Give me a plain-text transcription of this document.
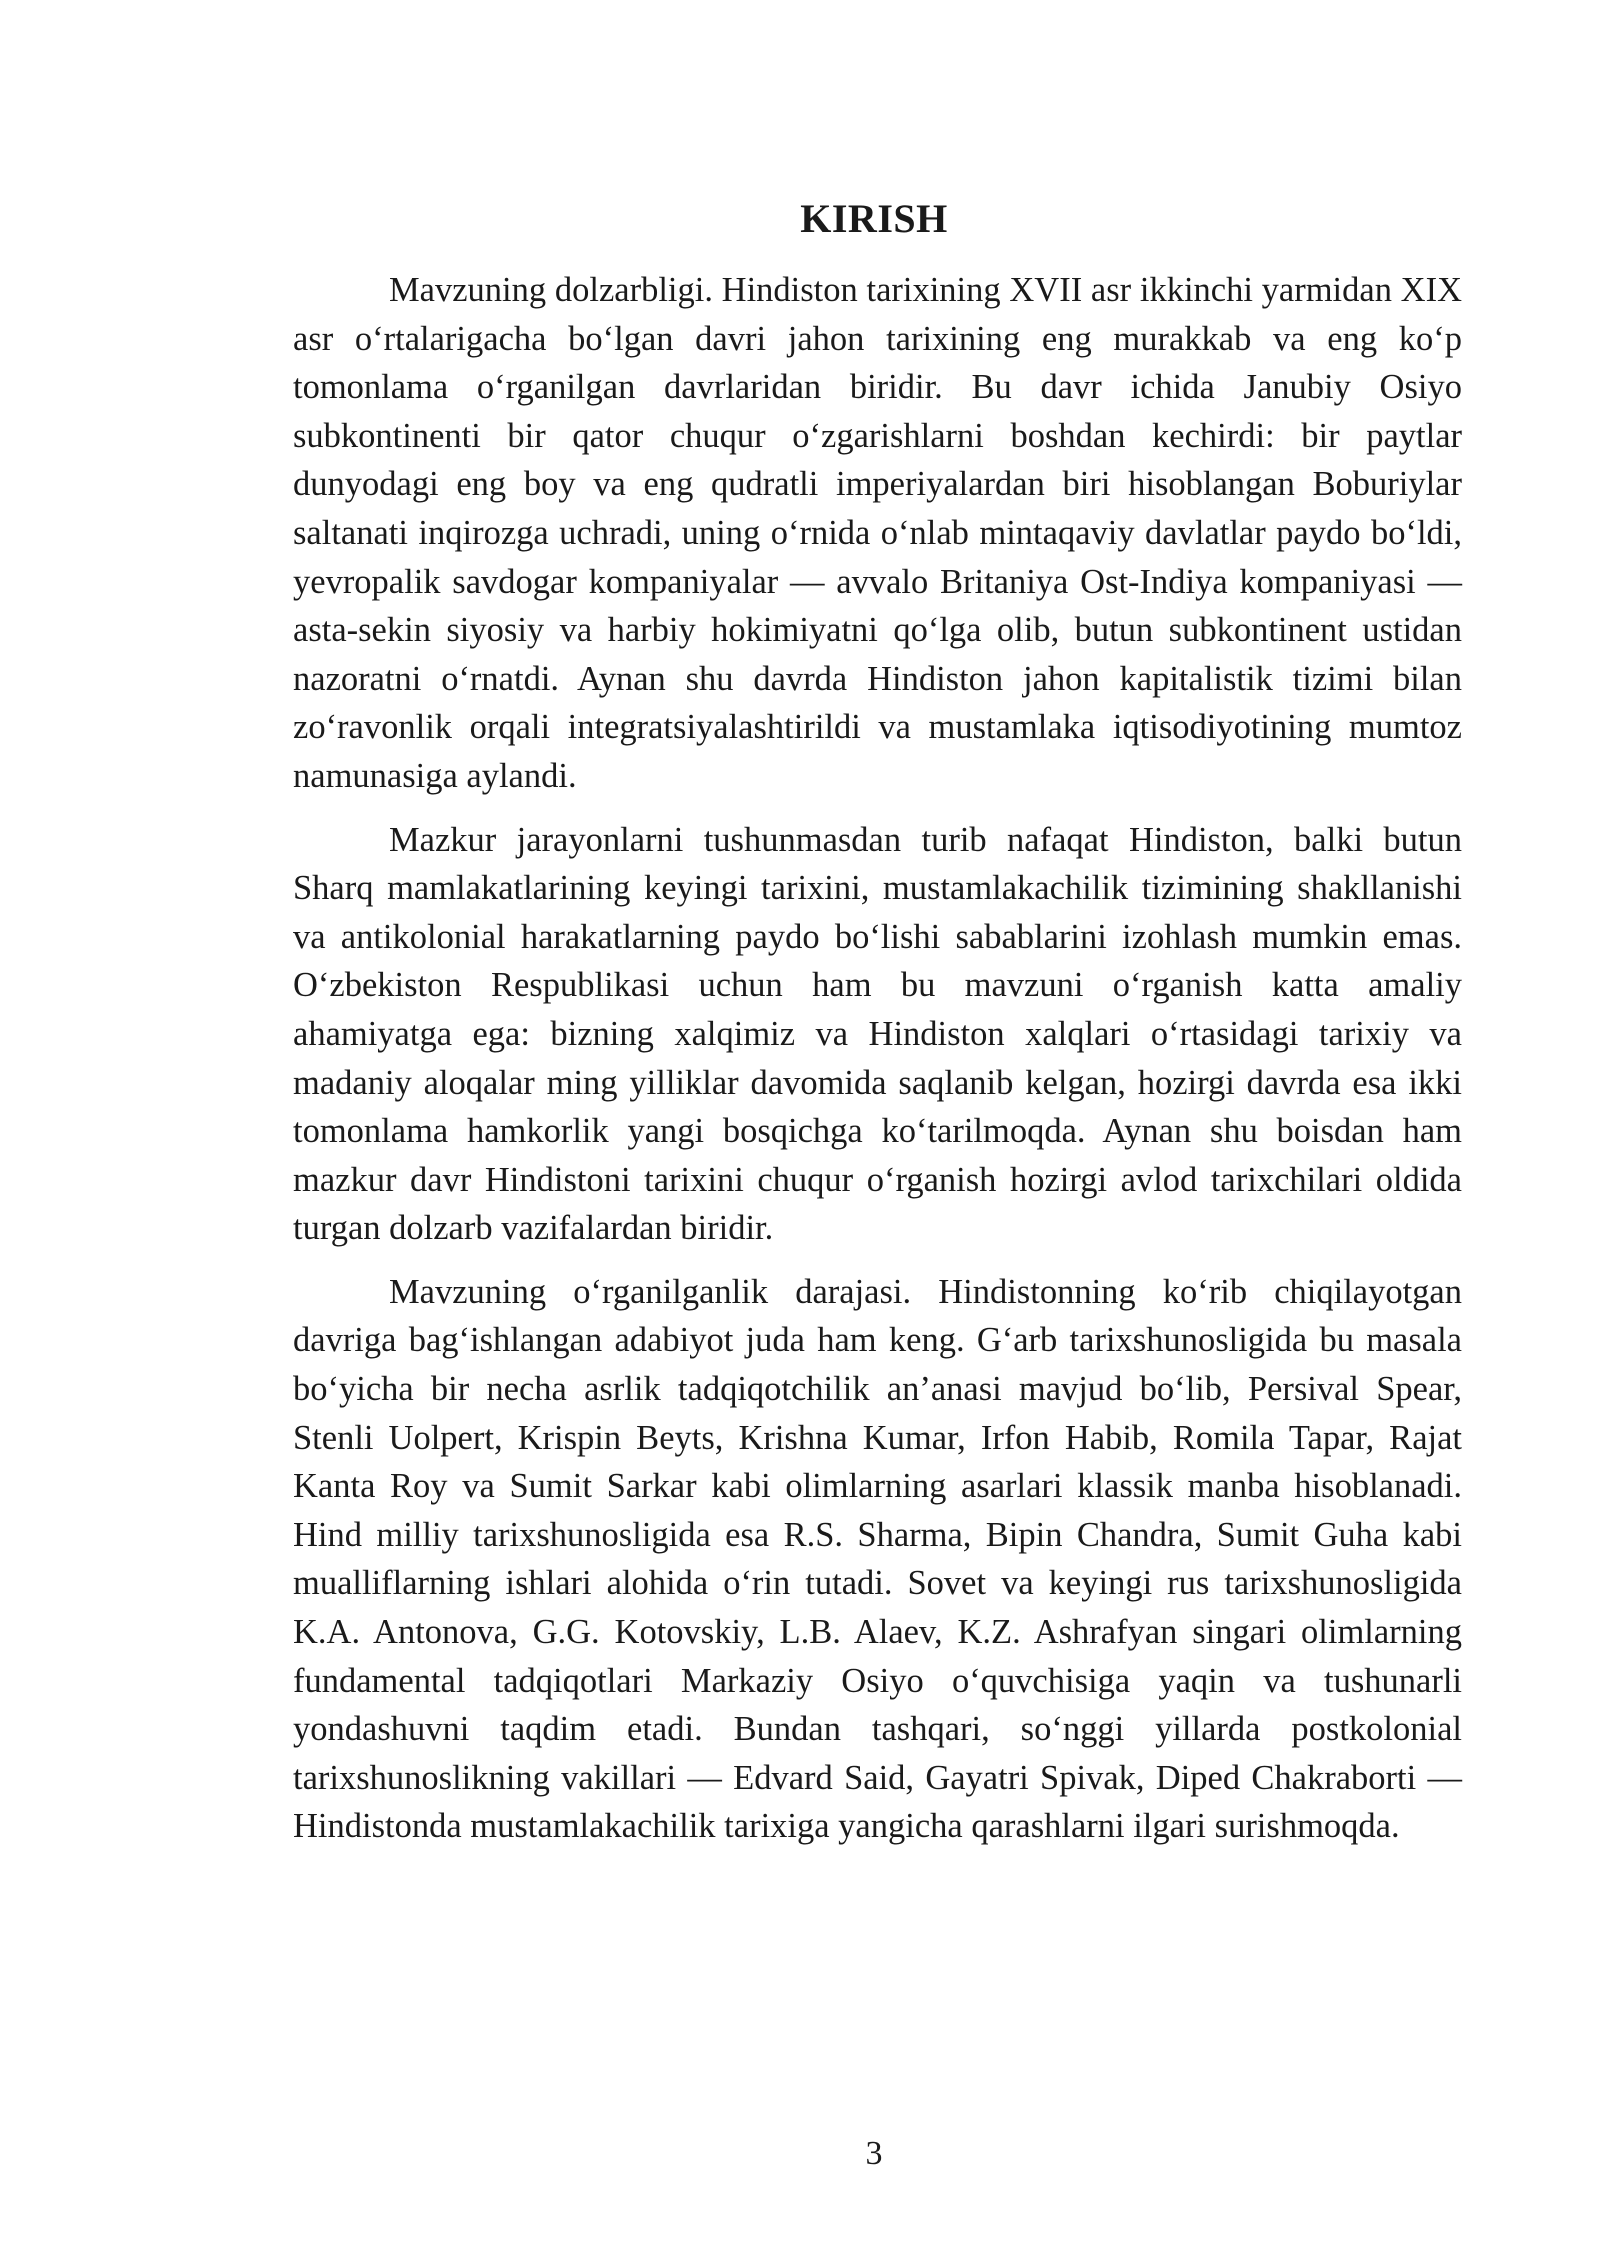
KIRISH

Mavzuning dolzarbligi. Hindiston tarixining XVII asr ikkinchi yarmidan XIX asr o‘rtalarigacha bo‘lgan davri jahon tarixining eng murakkab va eng ko‘p tomonlama o‘rganilgan davrlaridan biridir. Bu davr ichida Janubiy Osiyo subkontinenti bir qator chuqur o‘zgarishlarni boshdan kechirdi: bir paytlar dunyodagi eng boy va eng qudratli imperiyalardan biri hisoblangan Boburiylar saltanati inqirozga uchradi, uning o‘rnida o‘nlab mintaqaviy davlatlar paydo bo‘ldi, yevropalik savdogar kompaniyalar — avvalo Britaniya Ost-Indiya kompaniyasi — asta-sekin siyosiy va harbiy hokimiyatni qo‘lga olib, butun subkontinent ustidan nazoratni o‘rnatdi. Aynan shu davrda Hindiston jahon kapitalistik tizimi bilan zo‘ravonlik orqali integratsiyalashtirildi va mustamlaka iqtisodiyotining mumtoz namunasiga aylandi.

Mazkur jarayonlarni tushunmasdan turib nafaqat Hindiston, balki butun Sharq mamlakatlarining keyingi tarixini, mustamlakachilik tizimining shakllanishi va antikolonial harakatlarning paydo bo‘lishi sabablarini izohlash mumkin emas. O‘zbekiston Respublikasi uchun ham bu mavzuni o‘rganish katta amaliy ahamiyatga ega: bizning xalqimiz va Hindiston xalqlari o‘rtasidagi tarixiy va madaniy aloqalar ming yilliklar davomida saqlanib kelgan, hozirgi davrda esa ikki tomonlama hamkorlik yangi bosqichga ko‘tarilmoqda. Aynan shu boisdan ham mazkur davr Hindistoni tarixini chuqur o‘rganish hozirgi avlod tarixchilari oldida turgan dolzarb vazifalardan biridir.

Mavzuning o‘rganilganlik darajasi. Hindistonning ko‘rib chiqilayotgan davriga bag‘ishlangan adabiyot juda ham keng. G‘arb tarixshunosligida bu masala bo‘yicha bir necha asrlik tadqiqotchilik an’anasi mavjud bo‘lib, Persival Spear, Stenli Uolpert, Krispin Beyts, Krishna Kumar, Irfon Habib, Romila Tapar, Rajat Kanta Roy va Sumit Sarkar kabi olimlarning asarlari klassik manba hisoblanadi. Hind milliy tarixshunosligida esa R.S. Sharma, Bipin Chandra, Sumit Guha kabi mualliflarning ishlari alohida o‘rin tutadi. Sovet va keyingi rus tarixshunosligida K.A. Antonova, G.G. Kotovskiy, L.B. Alaev, K.Z. Ashrafyan singari olimlarning fundamental tadqiqotlari Markaziy Osiyo o‘quvchisiga yaqin va tushunarli yondashuvni taqdim etadi. Bundan tashqari, so‘nggi yillarda postkolonial tarixshunoslikning vakillari — Edvard Said, Gayatri Spivak, Diped Chakraborti — Hindistonda mustamlakachilik tarixiga yangicha qarashlarni ilgari surishmoqda.

3
